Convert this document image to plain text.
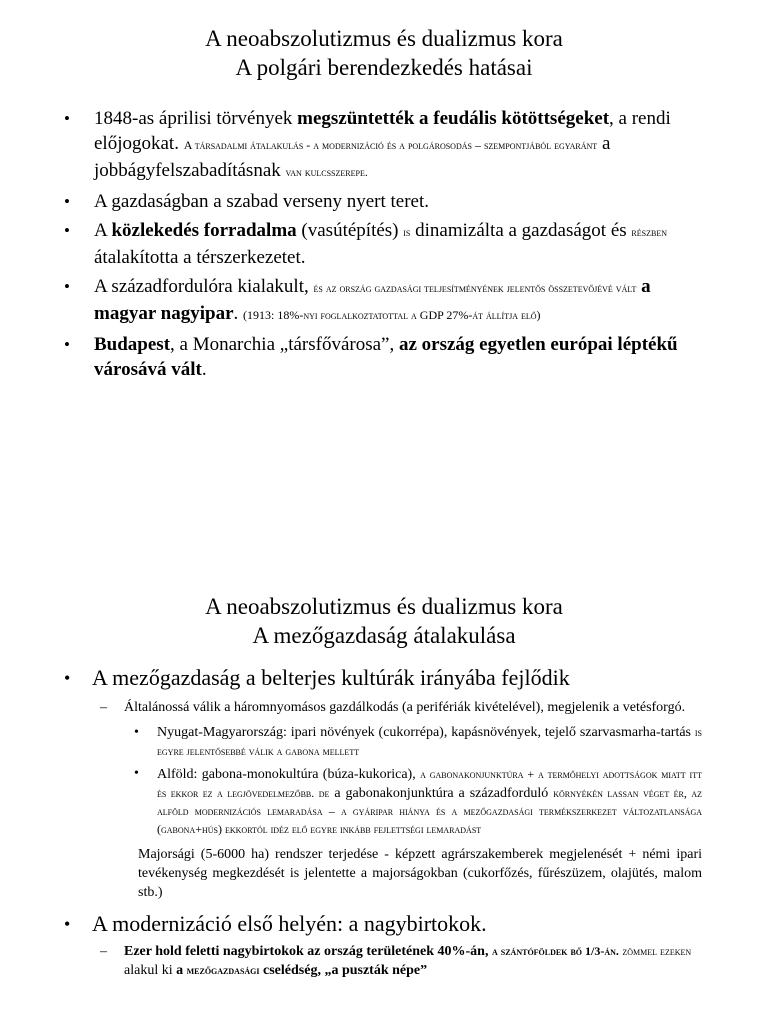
A neoabszolutizmus és dualizmus kora
A polgári berendezkedés hatásai
• 1848-as áprilisi törvények megszüntették a feudális kötöttségeket, a rendi előjogokat. A társadalmi átalakulás - a modernizáció és a polgárosodás – szempontjából egyaránt a jobbágyfelszabadításnak van kulcsszerepe.
• A gazdaságban a szabad verseny nyert teret.
• A közlekedés forradalma (vasútépítés) is dinamizálta a gazdaságot és részben átalakította a térszerkezetet.
• A századfordulóra kialakult, és az ország gazdasági teljesítményének jelentős összetevőjévé vált a magyar nagyipar. (1913: 18%-nyi foglalkoztatottal a GDP 27%-át állítja elő)
• Budapest, a Monarchia „társfővárosa”, az ország egyetlen európai léptékű városává vált.
A neoabszolutizmus és dualizmus kora
A mezőgazdaság átalakulása
• A mezőgazdaság a belterjes kultúrák irányába fejlődik
– Általánossá válik a háromnyomásos gazdálkodás (a perifériák kivételével), megjelenik a vetésforgó.
• Nyugat-Magyarország: ipari növények (cukorrépa), kapásnövények, tejelő szarvasmarha-tartás is egyre jelentősebbé válik a gabona mellett
• Alföld: gabona-monokultúra (búza-kukorica), a gabonakonjunktúra + a termőhelyi adottságok miatt itt és ekkor ez a legjövedelmezőbb. de a gabonakonjunktúra a századforduló környékén lassan véget ér, az alföld modernizációs lemaradása – a gyáripar hiánya és a mezőgazdasági termékszerkezet változatlansága (gabona+hús) ekkortól idéz elő egyre inkább fejlettségi lemaradást
Majorsági (5-6000 ha) rendszer terjedése - képzett agrárszakemberek megjelenését + némi ipari tevékenység megkezdését is jelentette a majorságokban (cukorfőzés, fűrészüzem, olajütés, malom stb.)
• A modernizáció első helyén: a nagybirtokok.
– Ezer hold feletti nagybirtokok az ország területének 40%-án, a szántóföldek bő 1/3-án. zömmel ezeken alakul ki a mezőgazdasági cselédség, „a puszták népe”
